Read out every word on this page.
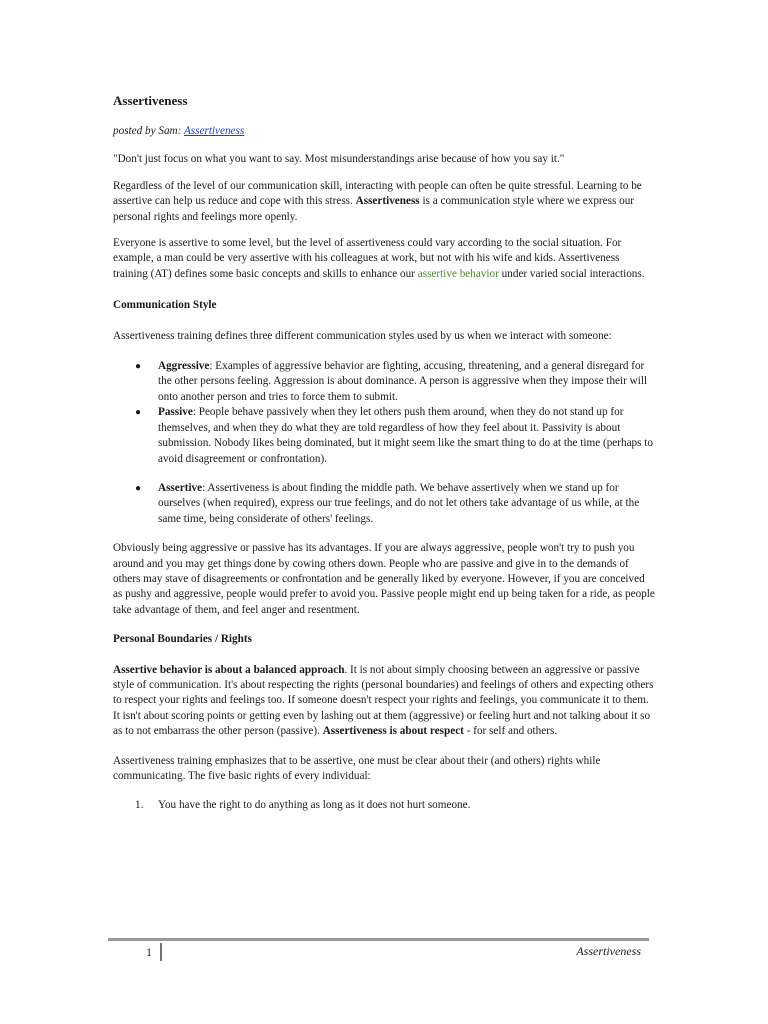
Assertiveness
posted by Sam: Assertiveness

"Don't just focus on what you want to say. Most misunderstandings arise because of how you say it."

Regardless of the level of our communication skill, interacting with people can often be quite stressful. Learning to be assertive can help us reduce and cope with this stress. Assertiveness is a communication style where we express our personal rights and feelings more openly.

Everyone is assertive to some level, but the level of assertiveness could vary according to the social situation. For example, a man could be very assertive with his colleagues at work, but not with his wife and kids. Assertiveness training (AT) defines some basic concepts and skills to enhance our assertive behavior under varied social interactions.

Communication Style

Assertiveness training defines three different communication styles used by us when we interact with someone:

● Aggressive: Examples of aggressive behavior are fighting, accusing, threatening, and a general disregard for the other persons feeling. Aggression is about dominance. A person is aggressive when they impose their will onto another person and tries to force them to submit.
● Passive: People behave passively when they let others push them around, when they do not stand up for themselves, and when they do what they are told regardless of how they feel about it. Passivity is about submission. Nobody likes being dominated, but it might seem like the smart thing to do at the time (perhaps to avoid disagreement or confrontation).
● Assertive: Assertiveness is about finding the middle path. We behave assertively when we stand up for ourselves (when required), express our true feelings, and do not let others take advantage of us while, at the same time, being considerate of others' feelings.

Obviously being aggressive or passive has its advantages. If you are always aggressive, people won't try to push you around and you may get things done by cowing others down. People who are passive and give in to the demands of others may stave of disagreements or confrontation and be generally liked by everyone. However, if you are conceived as pushy and aggressive, people would prefer to avoid you. Passive people might end up being taken for a ride, as people take advantage of them, and feel anger and resentment.

Personal Boundaries / Rights

Assertive behavior is about a balanced approach. It is not about simply choosing between an aggressive or passive style of communication. It's about respecting the rights (personal boundaries) and feelings of others and expecting others to respect your rights and feelings too. If someone doesn't respect your rights and feelings, you communicate it to them. It isn't about scoring points or getting even by lashing out at them (aggressive) or feeling hurt and not talking about it so as to not embarrass the other person (passive). Assertiveness is about respect - for self and others.

Assertiveness training emphasizes that to be assertive, one must be clear about their (and others) rights while communicating. The five basic rights of every individual:

1. You have the right to do anything as long as it does not hurt someone.
1	Assertiveness
